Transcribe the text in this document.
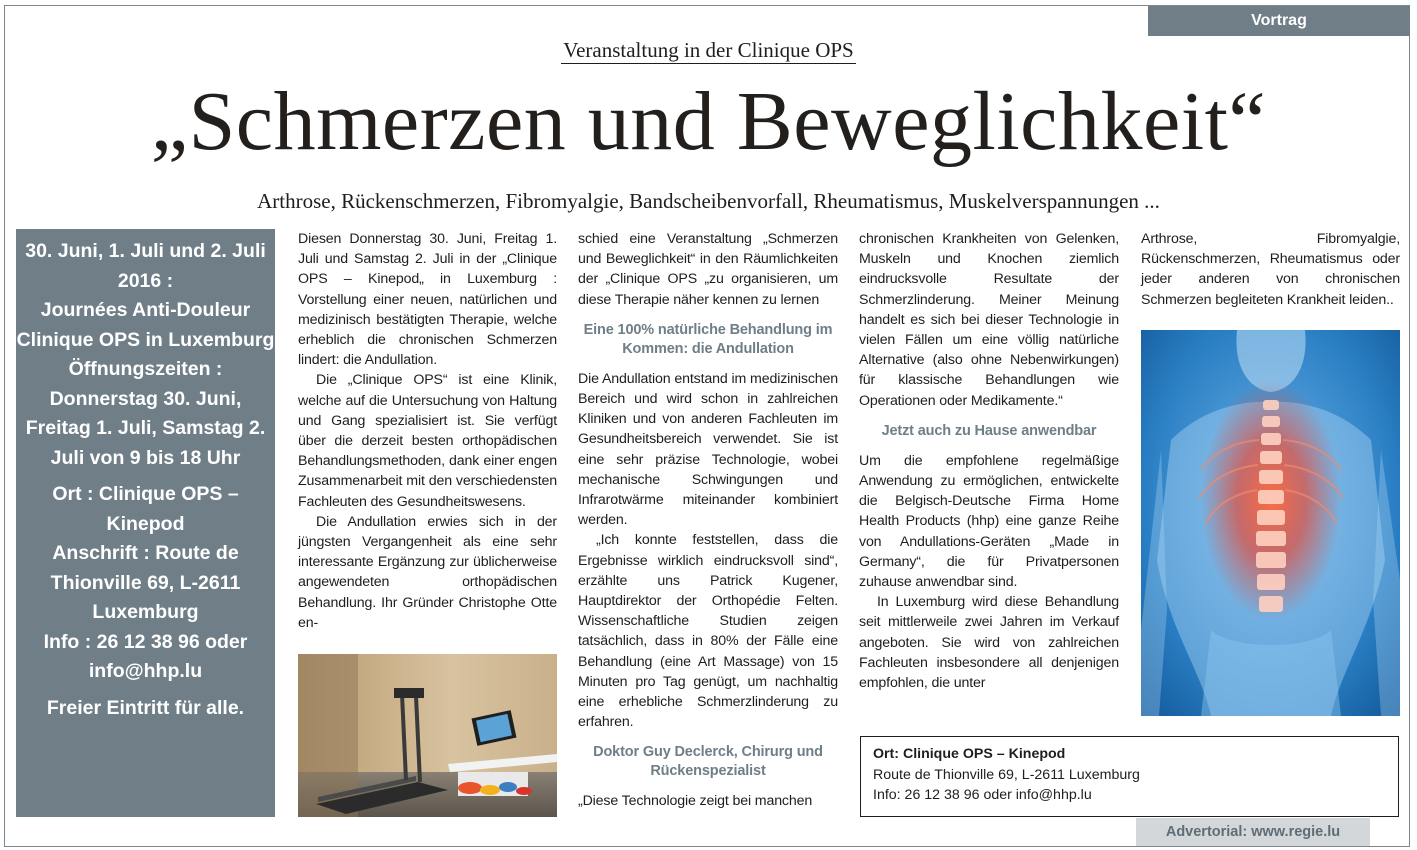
Vortrag
Veranstaltung in der Clinique OPS
„Schmerzen und Beweglichkeit“
Arthrose, Rückenschmerzen, Fibromyalgie, Bandscheibenvorfall, Rheumatismus, Muskelverspannungen ...

30. Juni, 1. Juli und 2. Juli 2016 :

Journées Anti-Douleur Clinique OPS in Luxemburg

Öffnungszeiten :

Donnerstag 30. Juni, Freitag 1. Juli, Samstag 2. Juli von 9 bis 18 Uhr

Ort : Clinique OPS – Kinepod

Anschrift : Route de Thionville 69, L-2611 Luxemburg

Info : 26 12 38 96 oder info@hhp.lu

Freier Eintritt für alle.

Diesen Donnerstag 30. Juni, Freitag 1. Juli und Samstag 2. Juli in der „Clinique OPS – Kinepod„ in Luxemburg : Vorstellung einer neuen, natürlichen und medizinisch bestätigten Therapie, welche erheblich die chronischen Schmerzen lindert: die Andullation.

Die „Clinique OPS“ ist eine Klinik, welche auf die Untersuchung von Haltung und Gang spezialisiert ist. Sie verfügt über die derzeit besten orthopädischen Behandlungsmethoden, dank einer engen Zusammenarbeit mit den verschiedensten Fachleuten des Gesundheitswesens.

Die Andullation erwies sich in der jüngsten Vergangenheit als eine sehr interessante Ergänzung zur üblicherweise angewendeten orthopädischen Behandlung. Ihr Gründer Christophe Otte en-

schied eine Veranstaltung „Schmerzen und Beweglichkeit“ in den Räumlichkeiten der „Clinique OPS „zu organisieren, um diese Therapie näher kennen zu lernen

Eine 100% natürliche Behandlung im Kommen: die Andullation

Die Andullation entstand im medizinischen Bereich und wird schon in zahlreichen Kliniken und von anderen Fachleuten im Gesundheitsbereich verwendet. Sie ist eine sehr präzise Technologie, wobei mechanische Schwingungen und Infrarotwärme miteinander kombiniert werden.

„Ich konnte feststellen, dass die Ergebnisse wirklich eindrucksvoll sind“, erzählte uns Patrick Kugener, Hauptdirektor der Orthopédie Felten. Wissenschaftliche Studien zeigen tatsächlich, dass in 80% der Fälle eine Behandlung (eine Art Massage) von 15 Minuten pro Tag genügt, um nachhaltig eine erhebliche Schmerzlinderung zu erfahren.

Doktor Guy Declerck, Chirurg und Rückenspezialist

„Diese Technologie zeigt bei manchen

chronischen Krankheiten von Gelenken, Muskeln und Knochen ziemlich eindrucksvolle Resultate der Schmerzlinderung. Meiner Meinung handelt es sich bei dieser Technologie in vielen Fällen um eine völlig natürliche Alternative (also ohne Nebenwirkungen) für klassische Behandlungen wie Operationen oder Medikamente.“

Jetzt auch zu Hause anwendbar

Um die empfohlene regelmäßige Anwendung zu ermöglichen, entwickelte die Belgisch-Deutsche Firma Home Health Products (hhp) eine ganze Reihe von Andullations-Geräten „Made in Germany“, die für Privatpersonen zuhause anwendbar sind.

In Luxemburg wird diese Behandlung seit mittlerweile zwei Jahren im Verkauf angeboten. Sie wird von zahlreichen Fachleuten insbesondere all denjenigen empfohlen, die unter

Arthrose, Fibromyalgie, Rückenschmerzen, Rheumatismus oder jeder anderen von chronischen Schmerzen begleiteten Krankheit leiden..

Ort: Clinique OPS – Kinepod
Route de Thionville 69, L-2611 Luxemburg
Info: 26 12 38 96 oder info@hhp.lu
Advertorial: www.regie.lu
